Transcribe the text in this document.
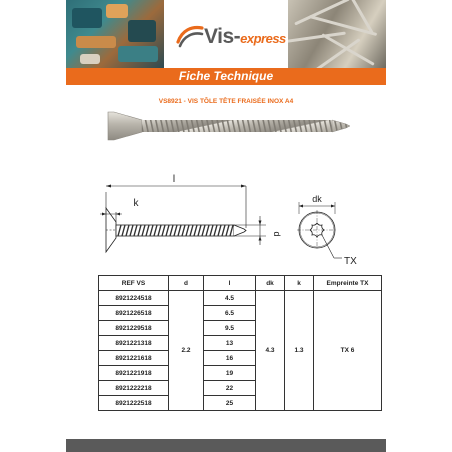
Vis-express
Fiche Technique
VS8921 - VIS TÔLE TÊTE FRAISÉE INOX A4
l
k
d
dk
TX
REF VS	d	l	dk	k	Empreinte TX
8921224518	2.2	4.5	4.3	1.3	TX 6
8921226518		6.5			
8921229518		9.5			
8921221318		13			
8921221618		16			
8921221918		19			
8921222218		22			
8921222518		25			
